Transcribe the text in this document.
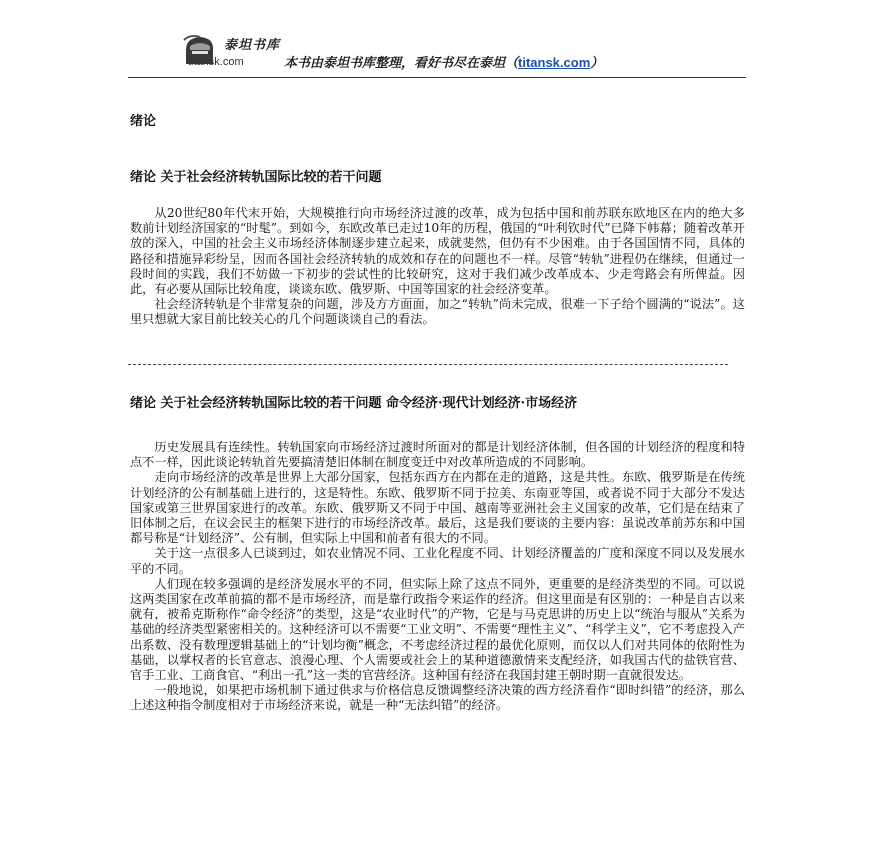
泰坦书库
titansk.com	本书由泰坦书库整理，看好书尽在泰坦（titansk.com）

绪论

绪论 关于社会经济转轨国际比较的若干问题

从20世纪80年代末开始，大规模推行向市场经济过渡的改革，成为包括中国和前苏联东欧地区在内的绝大多数前计划经济国家的“时髦”。到如今，东欧改革已走过10年的历程，俄国的“叶利钦时代”已降下帏幕；随着改革开放的深入，中国的社会主义市场经济体制逐步建立起来，成就斐然，但仍有不少困难。由于各国国情不同，具体的路径和措施异彩纷呈，因而各国社会经济转轨的成效和存在的问题也不一样。尽管“转轨”进程仍在继续，但通过一段时间的实践，我们不妨做一下初步的尝试性的比较研究，这对于我们减少改革成本、少走弯路会有所俾益。因此，有必要从国际比较角度，谈谈东欧、俄罗斯、中国等国家的社会经济变革。

社会经济转轨是个非常复杂的问题，涉及方方面面，加之“转轨”尚未完成，很难一下子给个圆满的“说法”。这里只想就大家目前比较关心的几个问题谈谈自己的看法。

绪论 关于社会经济转轨国际比较的若干问题 命令经济·现代计划经济·市场经济

历史发展具有连续性。转轨国家向市场经济过渡时所面对的都是计划经济体制，但各国的计划经济的程度和特点不一样，因此谈论转轨首先要搞清楚旧体制在制度变迁中对改革所造成的不同影响。

走向市场经济的改革是世界上大部分国家，包括东西方在内都在走的道路，这是共性。东欧、俄罗斯是在传统计划经济的公有制基础上进行的，这是特性。东欧、俄罗斯不同于拉美、东南亚等国，或者说不同于大部分不发达国家或第三世界国家进行的改革。东欧、俄罗斯又不同于中国、越南等亚洲社会主义国家的改革，它们是在结束了旧体制之后，在议会民主的框架下进行的市场经济改革。最后，这是我们要谈的主要内容：虽说改革前苏东和中国都号称是“计划经济”、公有制，但实际上中国和前者有很大的不同。

关于这一点很多人已谈到过，如农业情况不同、工业化程度不同、计划经济覆盖的广度和深度不同以及发展水平的不同。

人们现在较多强调的是经济发展水平的不同，但实际上除了这点不同外，更重要的是经济类型的不同。可以说这两类国家在改革前搞的都不是市场经济，而是靠行政指令来运作的经济。但这里面是有区别的：一种是自古以来就有，被希克斯称作“命令经济”的类型，这是“农业时代”的产物，它是与马克思讲的历史上以“统治与服从”关系为基础的经济类型紧密相关的。这种经济可以不需要“工业文明”、不需要“理性主义”、“科学主义”，它不考虑投入产出系数、没有数理逻辑基础上的“计划均衡”概念，不考虑经济过程的最优化原则，而仅以人们对共同体的依附性为基础，以掌权者的长官意志、浪漫心理、个人需要或社会上的某种道德激情来支配经济，如我国古代的盐铁官营、官手工业、工商食官、“利出一孔”这一类的官营经济。这种国有经济在我国封建王朝时期一直就很发达。

一般地说，如果把市场机制下通过供求与价格信息反馈调整经济决策的西方经济看作“即时纠错”的经济，那么上述这种指令制度相对于市场经济来说，就是一种“无法纠错”的经济。
